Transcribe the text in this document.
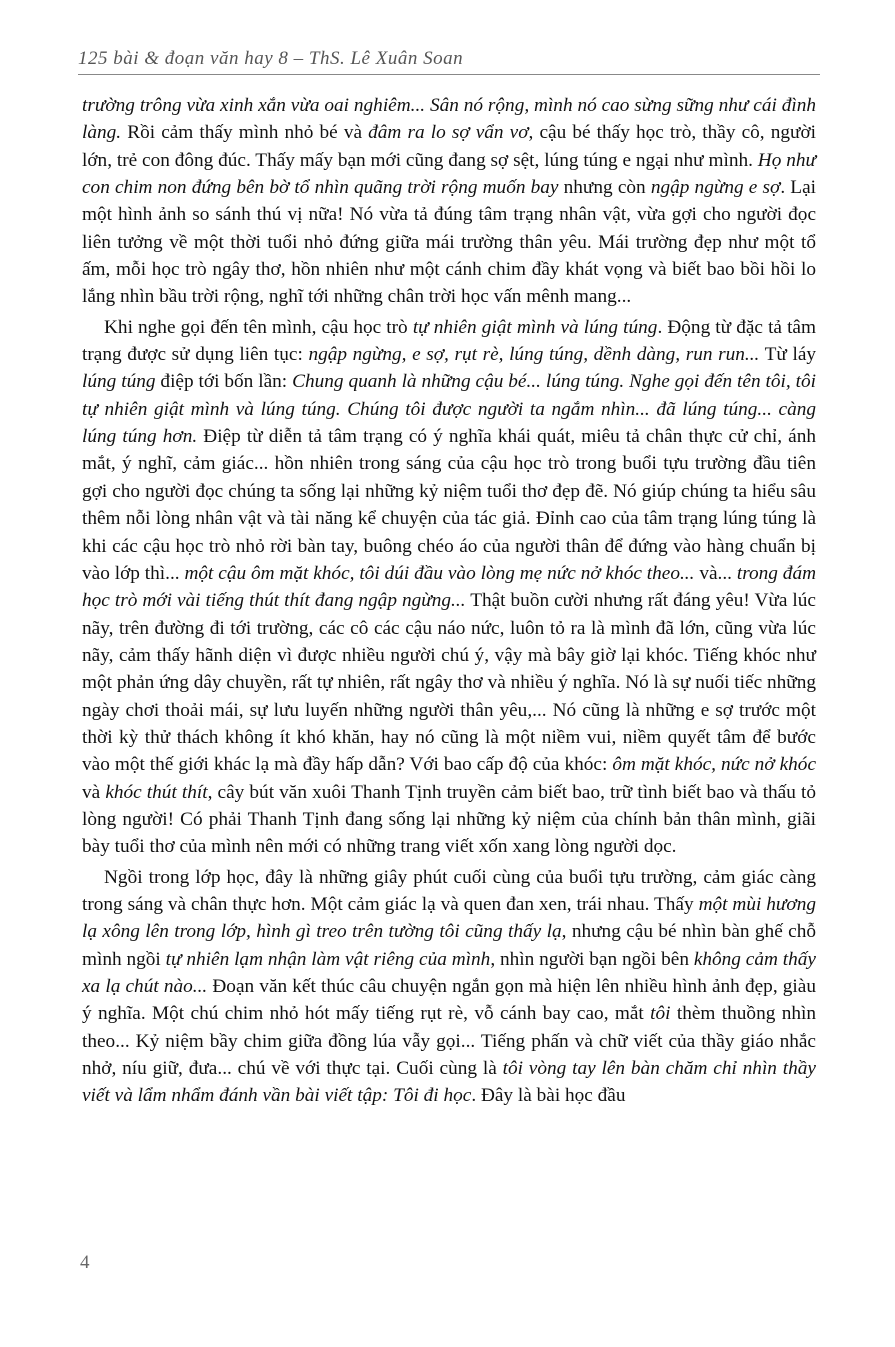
125 bài & đoạn văn hay 8 – ThS. Lê Xuân Soan

trường trông vừa xinh xắn vừa oai nghiêm... Sân nó rộng, mình nó cao sừng sững như cái đình làng. Rồi cảm thấy mình nhỏ bé và đâm ra lo sợ vẩn vơ, cậu bé thấy học trò, thầy cô, người lớn, trẻ con đông đúc. Thấy mấy bạn mới cũng đang sợ sệt, lúng túng e ngại như mình. Họ như con chim non đứng bên bờ tổ nhìn quãng trời rộng muốn bay nhưng còn ngập ngừng e sợ. Lại một hình ảnh so sánh thú vị nữa! Nó vừa tả đúng tâm trạng nhân vật, vừa gợi cho người đọc liên tưởng về một thời tuổi nhỏ đứng giữa mái trường thân yêu. Mái trường đẹp như một tổ ấm, mỗi học trò ngây thơ, hồn nhiên như một cánh chim đầy khát vọng và biết bao bồi hồi lo lắng nhìn bầu trời rộng, nghĩ tới những chân trời học vấn mênh mang...

Khi nghe gọi đến tên mình, cậu học trò tự nhiên giật mình và lúng túng. Động từ đặc tả tâm trạng được sử dụng liên tục: ngập ngừng, e sợ, rụt rè, lúng túng, dềnh dàng, run run... Từ láy lúng túng điệp tới bốn lần: Chung quanh là những cậu bé... lúng túng. Nghe gọi đến tên tôi, tôi tự nhiên giật mình và lúng túng. Chúng tôi được người ta ngắm nhìn... đã lúng túng... càng lúng túng hơn. Điệp từ diễn tả tâm trạng có ý nghĩa khái quát, miêu tả chân thực cử chỉ, ánh mắt, ý nghĩ, cảm giác... hồn nhiên trong sáng của cậu học trò trong buổi tựu trường đầu tiên gợi cho người đọc chúng ta sống lại những kỷ niệm tuổi thơ đẹp đẽ. Nó giúp chúng ta hiểu sâu thêm nỗi lòng nhân vật và tài năng kể chuyện của tác giả. Đỉnh cao của tâm trạng lúng túng là khi các cậu học trò nhỏ rời bàn tay, buông chéo áo của người thân để đứng vào hàng chuẩn bị vào lớp thì... một cậu ôm mặt khóc, tôi dúi đầu vào lòng mẹ nức nở khóc theo... và... trong đám học trò mới vài tiếng thút thít đang ngập ngừng... Thật buồn cười nhưng rất đáng yêu! Vừa lúc nãy, trên đường đi tới trường, các cô các cậu náo nức, luôn tỏ ra là mình đã lớn, cũng vừa lúc nãy, cảm thấy hãnh diện vì được nhiều người chú ý, vậy mà bây giờ lại khóc. Tiếng khóc như một phản ứng dây chuyền, rất tự nhiên, rất ngây thơ và nhiều ý nghĩa. Nó là sự nuối tiếc những ngày chơi thoải mái, sự lưu luyến những người thân yêu,... Nó cũng là những e sợ trước một thời kỳ thử thách không ít khó khăn, hay nó cũng là một niềm vui, niềm quyết tâm để bước vào một thế giới khác lạ mà đầy hấp dẫn? Với bao cấp độ của khóc: ôm mặt khóc, nức nở khóc và khóc thút thít, cây bút văn xuôi Thanh Tịnh truyền cảm biết bao, trữ tình biết bao và thấu tỏ lòng người! Có phải Thanh Tịnh đang sống lại những kỷ niệm của chính bản thân mình, giãi bày tuổi thơ của mình nên mới có những trang viết xốn xang lòng người dọc.

Ngồi trong lớp học, đây là những giây phút cuối cùng của buổi tựu trường, cảm giác càng trong sáng và chân thực hơn. Một cảm giác lạ và quen đan xen, trái nhau. Thấy một mùi hương lạ xông lên trong lớp, hình gì treo trên tường tôi cũng thấy lạ, nhưng cậu bé nhìn bàn ghế chỗ mình ngồi tự nhiên lạm nhận làm vật riêng của mình, nhìn người bạn ngồi bên không cảm thấy xa lạ chút nào... Đoạn văn kết thúc câu chuyện ngắn gọn mà hiện lên nhiều hình ảnh đẹp, giàu ý nghĩa. Một chú chim nhỏ hót mấy tiếng rụt rè, vỗ cánh bay cao, mắt tôi thèm thuồng nhìn theo... Kỷ niệm bầy chim giữa đồng lúa vẫy gọi... Tiếng phấn và chữ viết của thầy giáo nhắc nhở, níu giữ, đưa... chú về với thực tại. Cuối cùng là tôi vòng tay lên bàn chăm chỉ nhìn thầy viết và lẩm nhẩm đánh vần bài viết tập: Tôi đi học. Đây là bài học đầu

4
